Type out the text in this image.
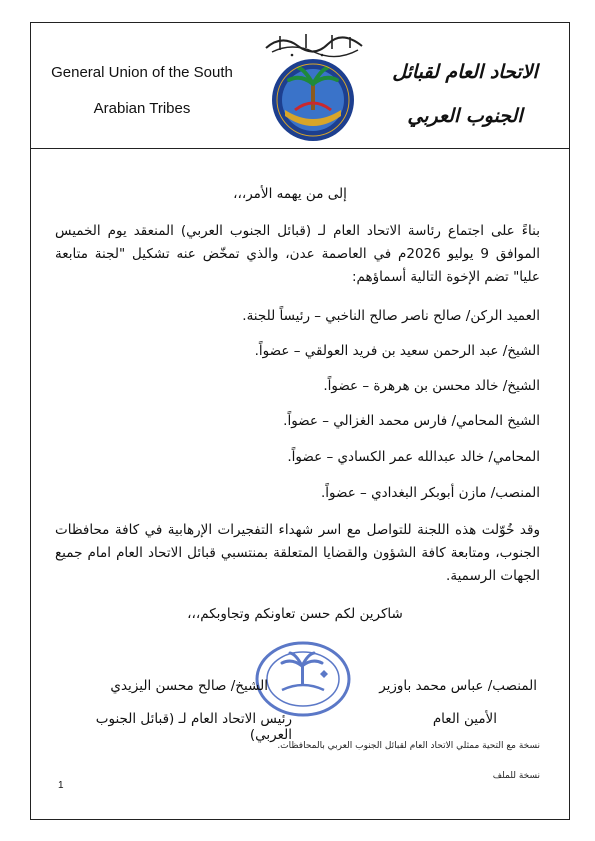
General Union of the South
Arabian Tribes
الاتحاد العام لقبائل
الجنوب العربي
إلى من يهمه الأمر،،،
بناءً على اجتماع رئاسة الاتحاد العام لـ (قبائل الجنوب العربي) المنعقد يوم الخميس الموافق 9 يوليو 2026م في العاصمة عدن، والذي تمخّض عنه تشكيل "لجنة متابعة عليا" تضم الإخوة التالية أسماؤهم:
العميد الركن/ صالح ناصر صالح الناخبي – رئيساً للجنة.
الشيخ/ عبد الرحمن سعيد بن فريد العولقي – عضواً.
الشيخ/ خالد محسن بن هرهرة – عضواً.
الشيخ المحامي/ فارس محمد الغزالي – عضواً.
المحامي/ خالد عبدالله عمر الكسادي – عضواً.
المنصب/ مازن أبوبكر البغدادي – عضواً.
وقد خُوّلت هذه اللجنة للتواصل مع اسر شهداء التفجيرات الإرهابية في كافة محافظات الجنوب، ومتابعة كافة الشؤون والقضايا المتعلقة بمنتسبي قبائل الاتحاد العام امام جميع الجهات الرسمية.
شاكرين لكم حسن تعاونكم وتجاوبكم،،،
المنصب/ عباس محمد باوزير
الشيخ/ صالح محسن اليزيدي
الأمين العام
رئيس الاتحاد العام لـ (قبائل الجنوب العربي)
نسخة مع التحية ممثلي الاتحاد العام لقبائل الجنوب العربي بالمحافظات.
نسخة للملف
1
